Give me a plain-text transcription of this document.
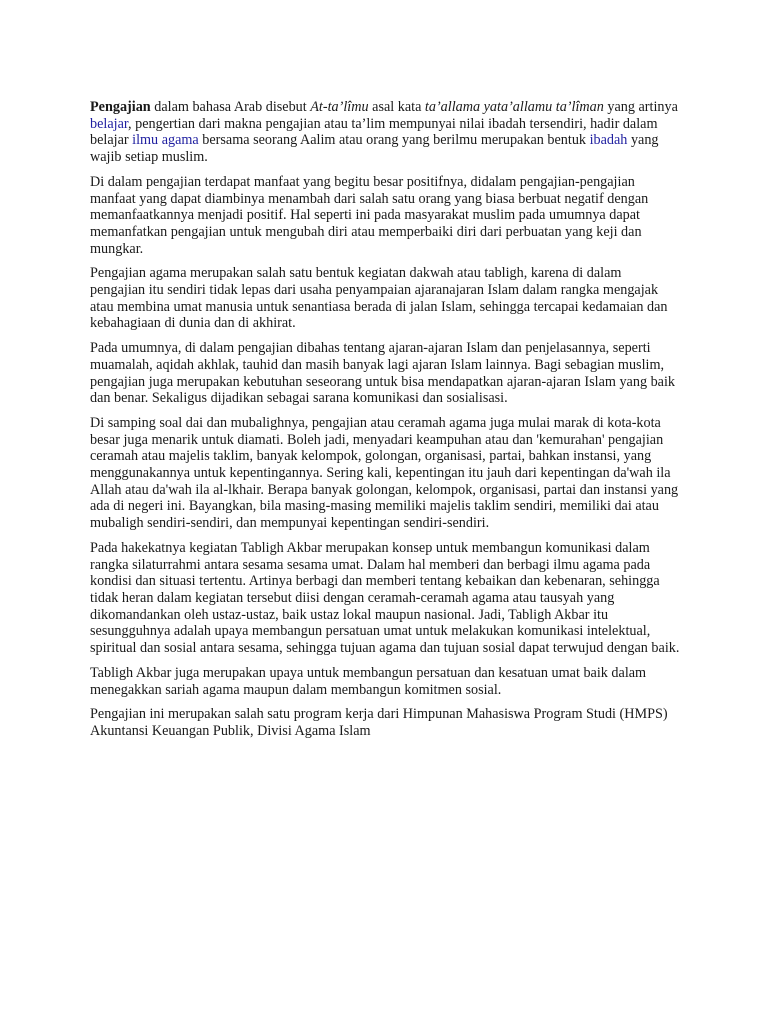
Pengajian dalam bahasa Arab disebut At-ta’lîmu asal kata ta’allama yata’allamu ta’lîman yang artinya belajar, pengertian dari makna pengajian atau ta’lim mempunyai nilai ibadah tersendiri, hadir dalam belajar ilmu agama bersama seorang Aalim atau orang yang berilmu merupakan bentuk ibadah yang wajib setiap muslim.

Di dalam pengajian terdapat manfaat yang begitu besar positifnya, didalam pengajian-pengajian manfaat yang dapat diambinya menambah dari salah satu orang yang biasa berbuat negatif dengan memanfaatkannya menjadi positif. Hal seperti ini pada masyarakat muslim pada umumnya dapat memanfatkan pengajian untuk mengubah diri atau memperbaiki diri dari perbuatan yang keji dan mungkar.

Pengajian agama merupakan salah satu bentuk kegiatan dakwah atau tabligh, karena di dalam pengajian itu sendiri tidak lepas dari usaha penyampaian ajaranajaran Islam dalam rangka mengajak atau membina umat manusia untuk senantiasa berada di jalan Islam, sehingga tercapai kedamaian dan kebahagiaan di dunia dan di akhirat.

Pada umumnya, di dalam pengajian dibahas tentang ajaran-ajaran Islam dan penjelasannya, seperti muamalah, aqidah akhlak, tauhid dan masih banyak lagi ajaran Islam lainnya. Bagi sebagian muslim, pengajian juga merupakan kebutuhan seseorang untuk bisa mendapatkan ajaran-ajaran Islam yang baik dan benar. Sekaligus dijadikan sebagai sarana komunikasi dan sosialisasi.

Di samping soal dai dan mubalighnya, pengajian atau ceramah agama juga mulai marak di kota-kota besar juga menarik untuk diamati. Boleh jadi, menyadari keampuhan atau dan 'kemurahan' pengajian ceramah atau majelis taklim, banyak kelompok, golongan, organisasi, partai, bahkan instansi, yang menggunakannya untuk kepentingannya. Sering kali, kepentingan itu jauh dari kepentingan da'wah ila Allah atau da'wah ila al-lkhair. Berapa banyak golongan, kelompok, organisasi, partai dan instansi yang ada di negeri ini. Bayangkan, bila masing-masing memiliki majelis taklim sendiri, memiliki dai atau mubaligh sendiri-sendiri, dan mempunyai kepentingan sendiri-sendiri.

Pada hakekatnya kegiatan Tabligh Akbar merupakan konsep untuk membangun komunikasi dalam rangka silaturrahmi antara sesama sesama umat. Dalam hal memberi dan berbagi ilmu agama pada kondisi dan situasi tertentu. Artinya berbagi dan memberi tentang kebaikan dan kebenaran, sehingga tidak heran dalam kegiatan tersebut diisi dengan ceramah-ceramah agama atau tausyah yang dikomandankan oleh ustaz-ustaz, baik ustaz lokal maupun nasional. Jadi, Tabligh Akbar itu sesungguhnya adalah upaya membangun persatuan umat untuk melakukan komunikasi intelektual, spiritual dan sosial antara sesama, sehingga tujuan agama dan tujuan sosial dapat terwujud dengan baik.

Tabligh Akbar juga merupakan upaya untuk membangun persatuan dan kesatuan umat baik dalam menegakkan sariah agama maupun dalam membangun komitmen sosial.

Pengajian ini merupakan salah satu program kerja dari Himpunan Mahasiswa Program Studi (HMPS) Akuntansi Keuangan Publik, Divisi Agama Islam
